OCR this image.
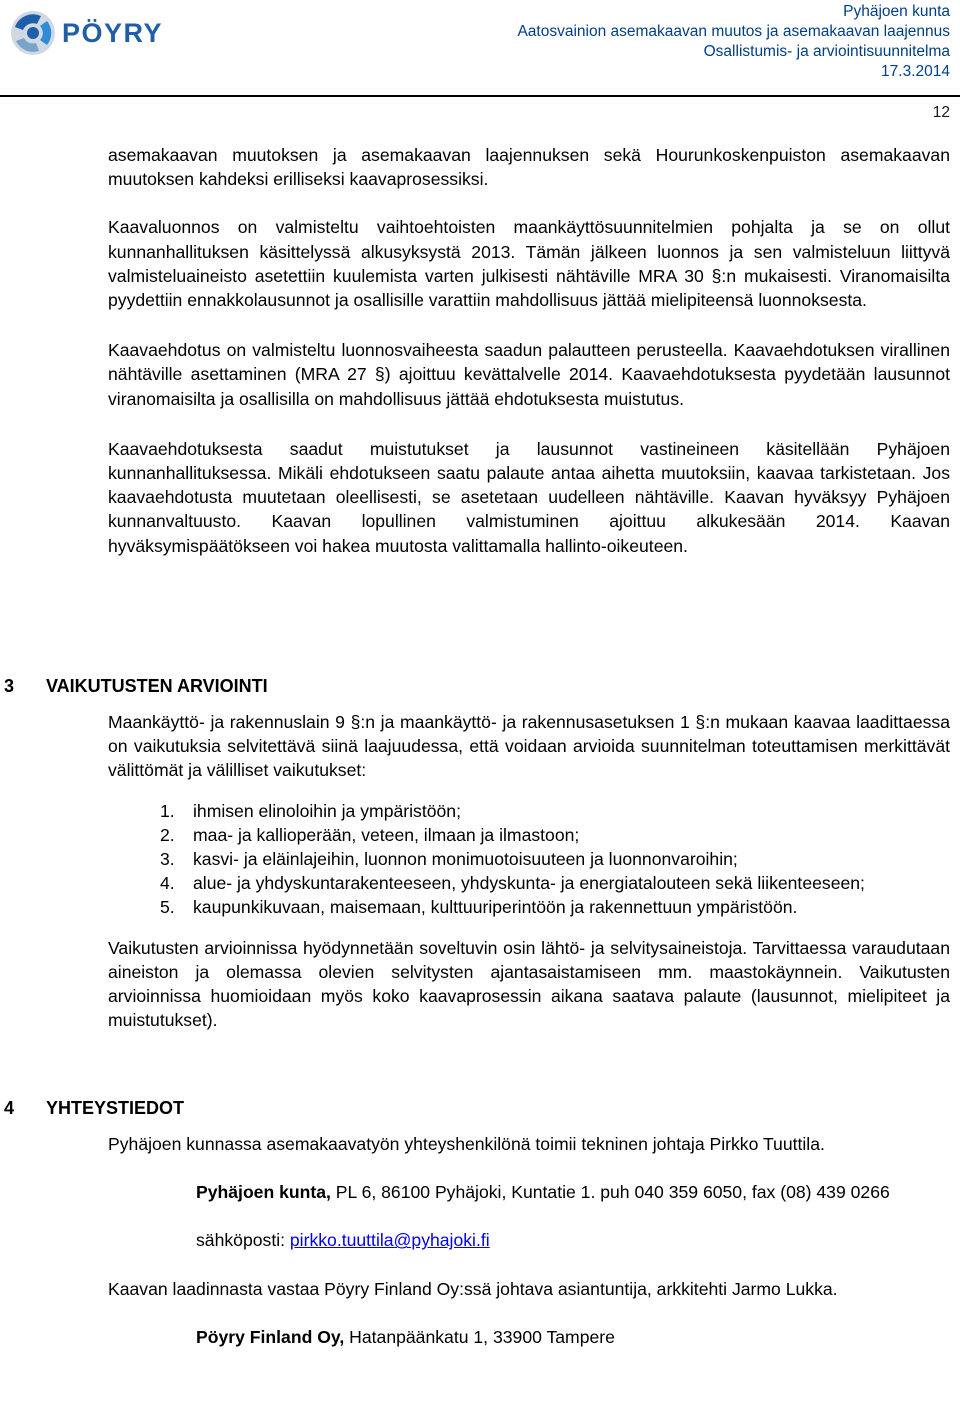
PÖYRY
Pyhäjoen kunta
Aatosvainion asemakaavan muutos ja asemakaavan laajennus
Osallistumis- ja arviointisuunnitelma
17.3.2014
12

asemakaavan muutoksen ja asemakaavan laajennuksen sekä Hourunkoskenpuiston asemakaavan muutoksen kahdeksi erilliseksi kaavaprosessiksi.

Kaavaluonnos on valmisteltu vaihtoehtoisten maankäyttösuunnitelmien pohjalta ja se on ollut kunnanhallituksen käsittelyssä alkusyksystä 2013. Tämän jälkeen luonnos ja sen valmisteluun liittyvä valmisteluaineisto asetettiin kuulemista varten julkisesti nähtäville MRA 30 §:n mukaisesti. Viranomaisilta pyydettiin ennakkolausunnot ja osallisille varattiin mahdollisuus jättää mielipiteensä luonnoksesta.

Kaavaehdotus on valmisteltu luonnosvaiheesta saadun palautteen perusteella. Kaavaehdotuksen virallinen nähtäville asettaminen (MRA 27 §) ajoittuu kevättalvelle 2014. Kaavaehdotuksesta pyydetään lausunnot viranomaisilta ja osallisilla on mahdollisuus jättää ehdotuksesta muistutus.

Kaavaehdotuksesta saadut muistutukset ja lausunnot vastineineen käsitellään Pyhäjoen kunnanhallituksessa. Mikäli ehdotukseen saatu palaute antaa aihetta muutoksiin, kaavaa tarkistetaan. Jos kaavaehdotusta muutetaan oleellisesti, se asetetaan uudelleen nähtäville. Kaavan hyväksyy Pyhäjoen kunnanvaltuusto. Kaavan lopullinen valmistuminen ajoittuu alkukesään 2014. Kaavan hyväksymispäätökseen voi hakea muutosta valittamalla hallinto-oikeuteen.

3 VAIKUTUSTEN ARVIOINTI

Maankäyttö- ja rakennuslain 9 §:n ja maankäyttö- ja rakennusasetuksen 1 §:n mukaan kaavaa laadittaessa on vaikutuksia selvitettävä siinä laajuudessa, että voidaan arvioida suunnitelman toteuttamisen merkittävät välittömät ja välilliset vaikutukset:

1. ihmisen elinoloihin ja ympäristöön;
2. maa- ja kallioperään, veteen, ilmaan ja ilmastoon;
3. kasvi- ja eläinlajeihin, luonnon monimuotoisuuteen ja luonnonvaroihin;
4. alue- ja yhdyskuntarakenteeseen, yhdyskunta- ja energiatalouteen sekä liikenteeseen;
5. kaupunkikuvaan, maisemaan, kulttuuriperintöön ja rakennettuun ympäristöön.

Vaikutusten arvioinnissa hyödynnetään soveltuvin osin lähtö- ja selvitysaineistoja. Tarvittaessa varaudutaan aineiston ja olemassa olevien selvitysten ajantasaistamiseen mm. maastokäynnein. Vaikutusten arvioinnissa huomioidaan myös koko kaavaprosessin aikana saatava palaute (lausunnot, mielipiteet ja muistutukset).

4 YHTEYSTIEDOT

Pyhäjoen kunnassa asemakaavatyön yhteyshenkilönä toimii tekninen johtaja Pirkko Tuuttila.

Pyhäjoen kunta, PL 6, 86100 Pyhäjoki, Kuntatie 1. puh 040 359 6050, fax (08) 439 0266

sähköposti: pirkko.tuuttila@pyhajoki.fi

Kaavan laadinnasta vastaa Pöyry Finland Oy:ssä johtava asiantuntija, arkkitehti Jarmo Lukka.

Pöyry Finland Oy, Hatanpäänkatu 1, 33900 Tampere
